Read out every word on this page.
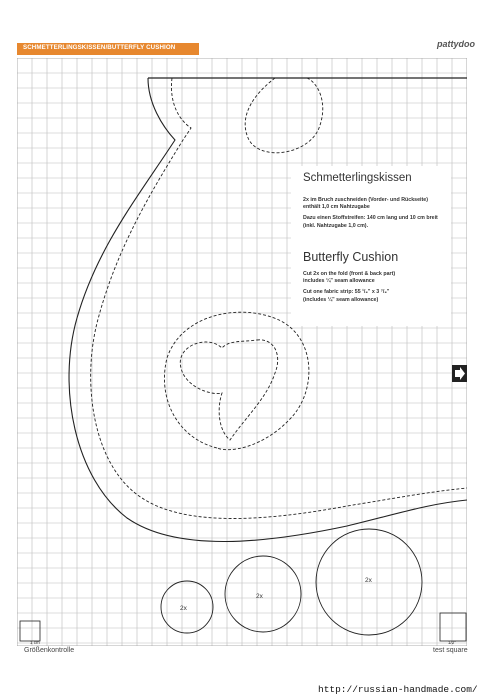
SCHMETTERLINGSKISSEN/BUTTERFLY CUSHION	pattydoo
Schmetterlingskissen
2x im Bruch zuschneiden (Vorder- und Rückseite)
enthält 1,0 cm Nahtzugabe
Dazu einen Stoffstreifen: 140 cm lang und 10 cm breit
(inkl. Nahtzugabe 1,0 cm).
Butterfly Cushion
Cut 2x on the fold (front & back part)
includes ¼" seam allowance
Cut one fabric strip: 55 ¹/₈" x 3 ⁷/₈"
(includes ¼" seam allowance)
2x
2x
2x
1 cm	1/2"
Größenkontrolle	test square
http://russian-handmade.com/
